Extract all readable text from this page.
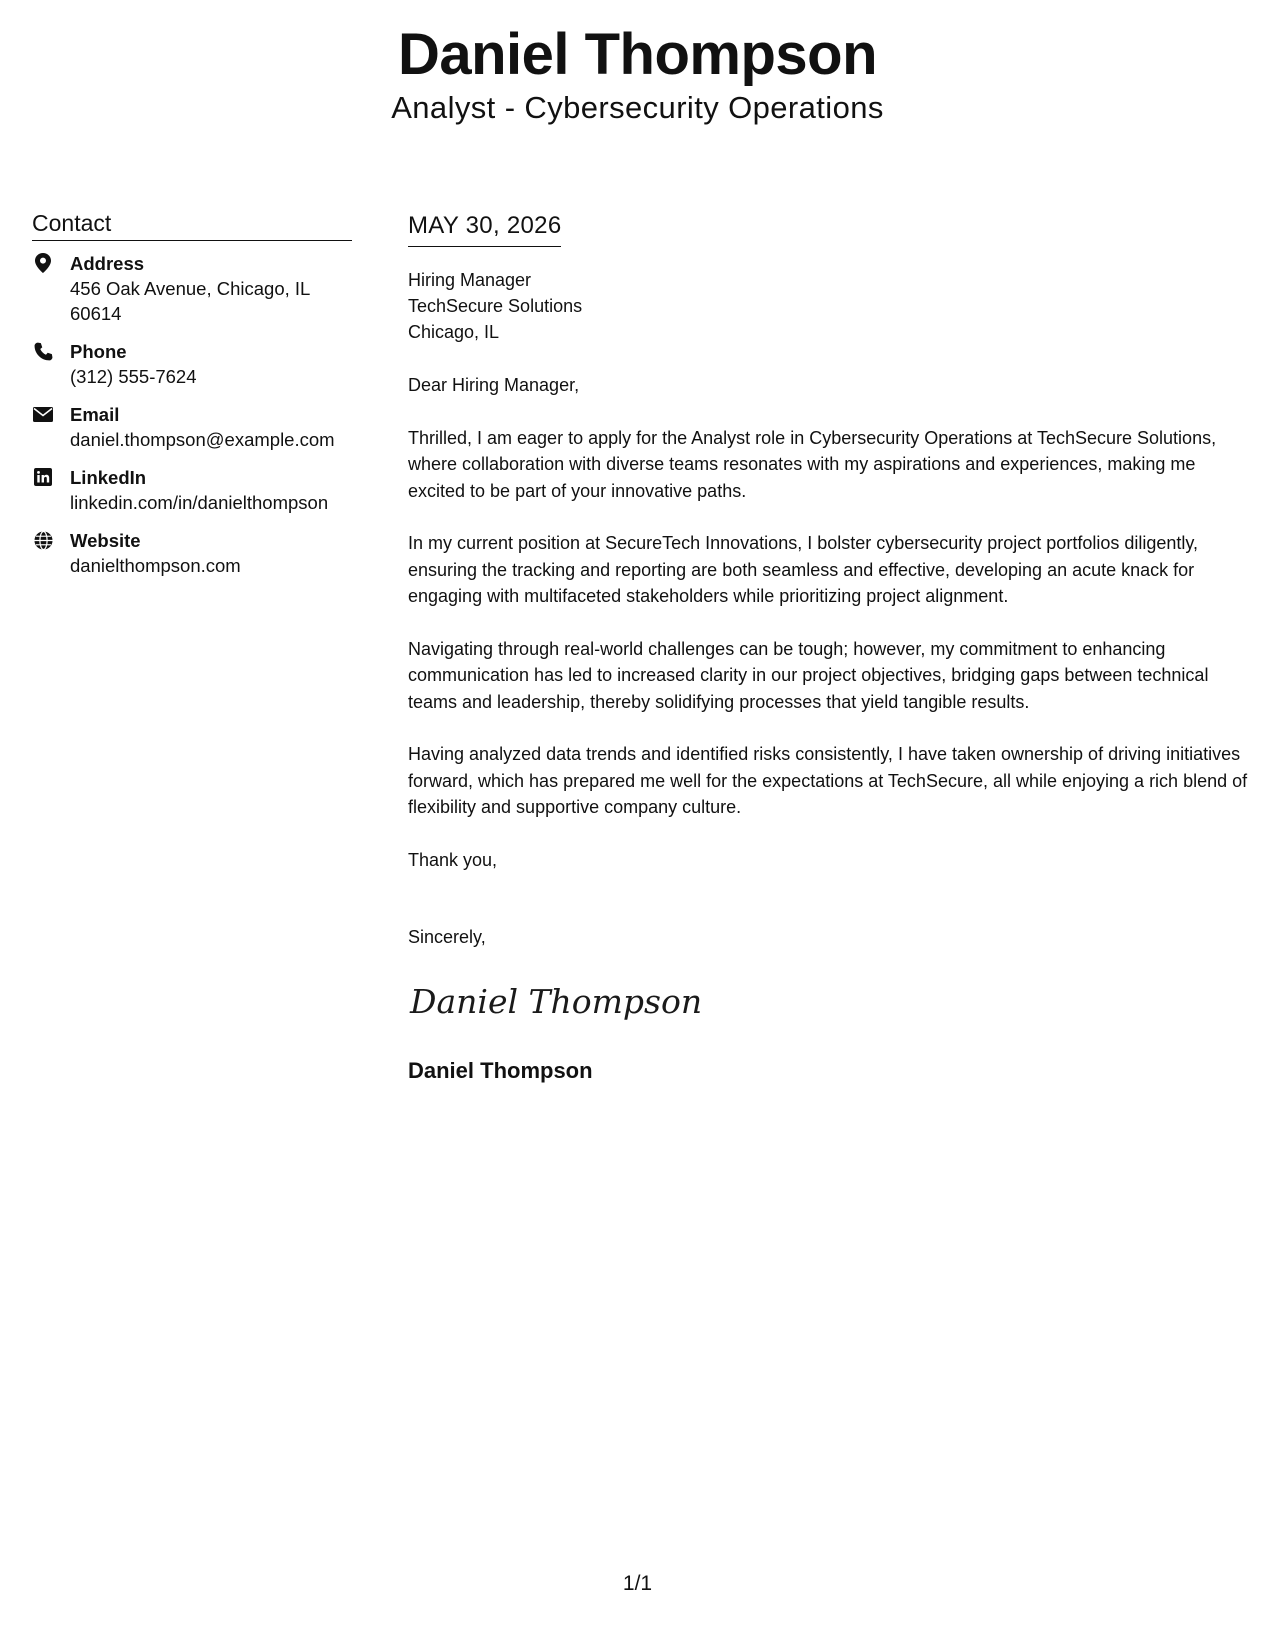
Daniel Thompson
Analyst - Cybersecurity Operations
Contact
Address
456 Oak Avenue, Chicago, IL 60614
Phone
(312) 555-7624
Email
daniel.thompson@example.com
LinkedIn
linkedin.com/in/danielthompson
Website
danielthompson.com
MAY 30, 2026
Hiring Manager
TechSecure Solutions
Chicago, IL
Dear Hiring Manager,
Thrilled, I am eager to apply for the Analyst role in Cybersecurity Operations at TechSecure Solutions, where collaboration with diverse teams resonates with my aspirations and experiences, making me excited to be part of your innovative paths.
In my current position at SecureTech Innovations, I bolster cybersecurity project portfolios diligently, ensuring the tracking and reporting are both seamless and effective, developing an acute knack for engaging with multifaceted stakeholders while prioritizing project alignment.
Navigating through real-world challenges can be tough; however, my commitment to enhancing communication has led to increased clarity in our project objectives, bridging gaps between technical teams and leadership, thereby solidifying processes that yield tangible results.
Having analyzed data trends and identified risks consistently, I have taken ownership of driving initiatives forward, which has prepared me well for the expectations at TechSecure, all while enjoying a rich blend of flexibility and supportive company culture.
Thank you,
Sincerely,
Daniel Thompson
Daniel Thompson
1/1
